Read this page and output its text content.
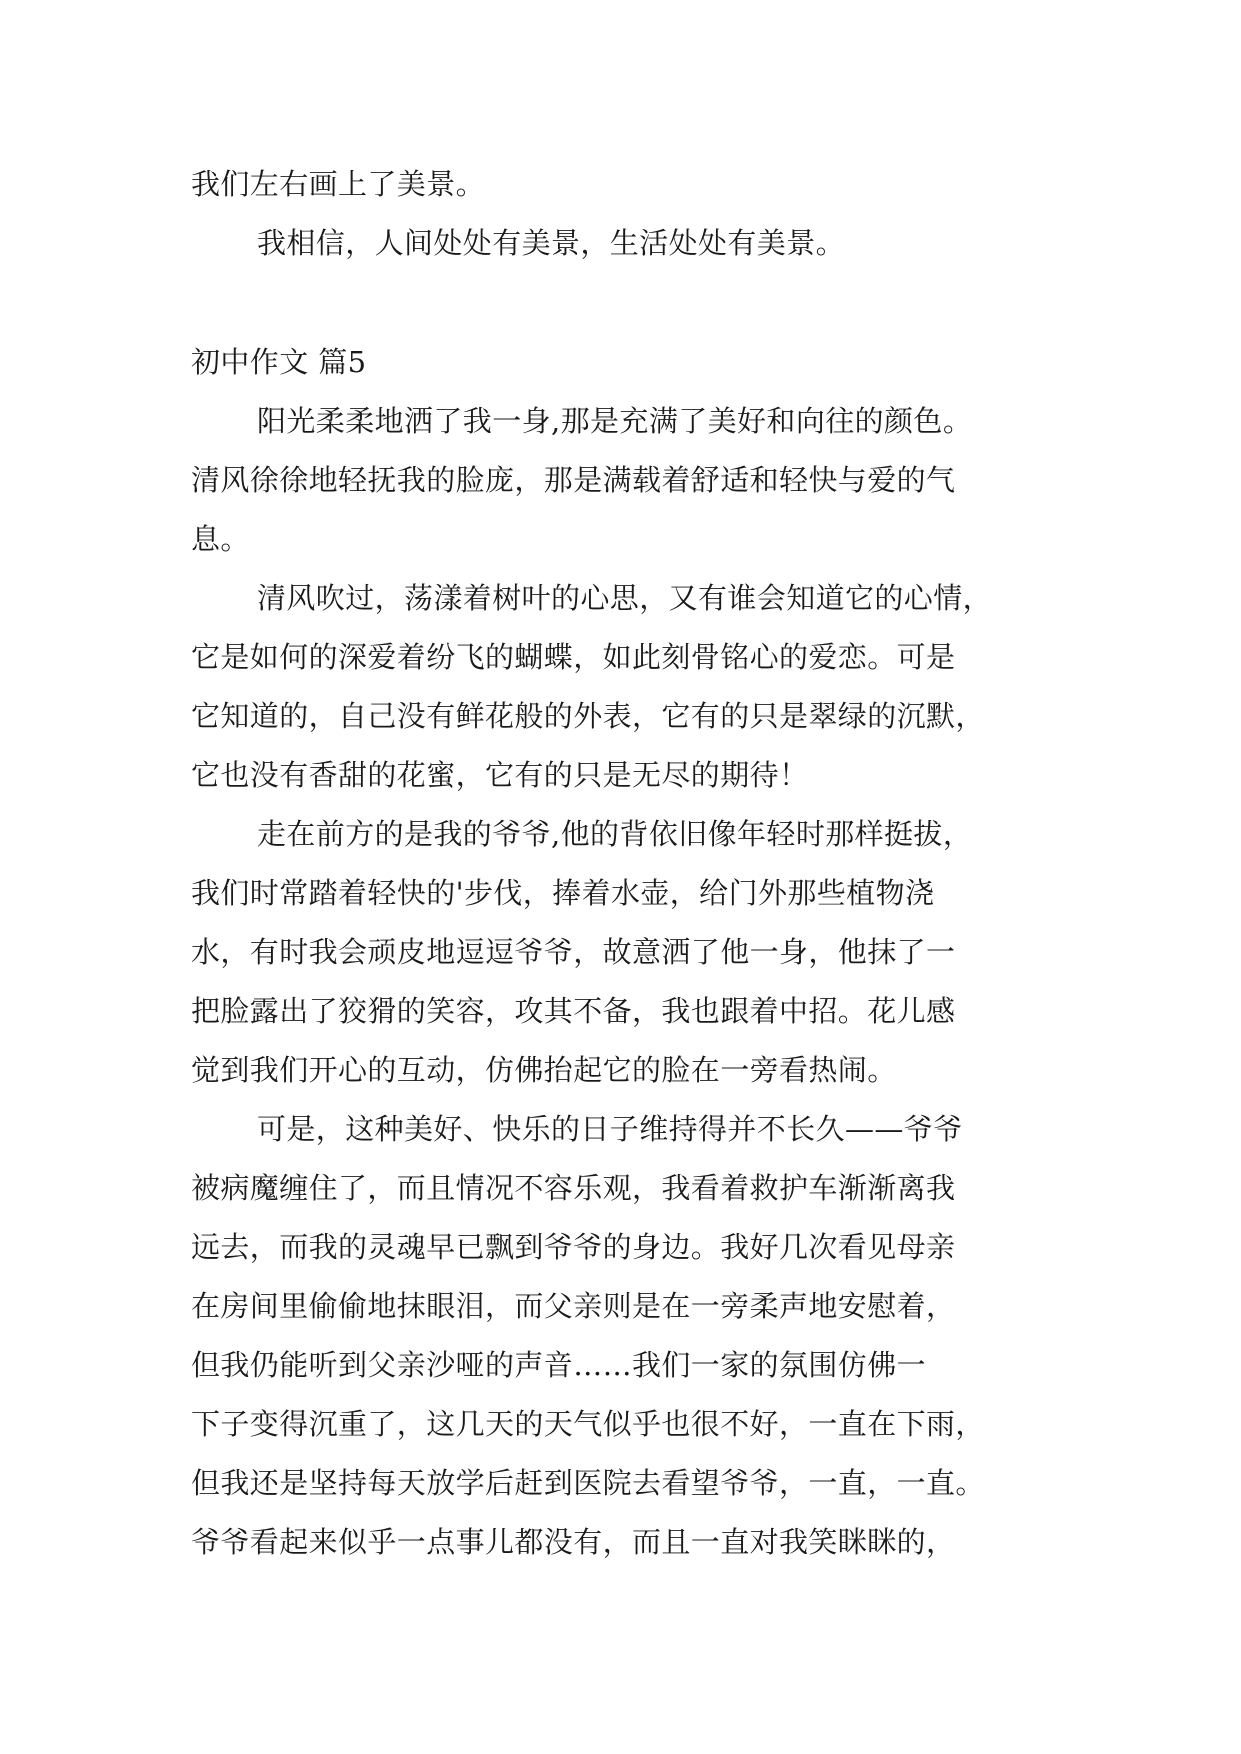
我们左右画上了美景。
我相信，人间处处有美景，生活处处有美景。
初中作文 篇5
阳光柔柔地洒了我一身,那是充满了美好和向往的颜色。
清风徐徐地轻抚我的脸庞，那是满载着舒适和轻快与爱的气
息。
清风吹过，荡漾着树叶的心思，又有谁会知道它的心情，
它是如何的深爱着纷飞的蝴蝶，如此刻骨铭心的爱恋。可是
它知道的，自己没有鲜花般的外表，它有的只是翠绿的沉默，
它也没有香甜的花蜜，它有的只是无尽的期待！
走在前方的是我的爷爷,他的背依旧像年轻时那样挺拔，
我们时常踏着轻快的'步伐，捧着水壶，给门外那些植物浇
水，有时我会顽皮地逗逗爷爷，故意洒了他一身，他抹了一
把脸露出了狡猾的笑容，攻其不备，我也跟着中招。花儿感
觉到我们开心的互动，仿佛抬起它的脸在一旁看热闹。
可是，这种美好、快乐的日子维持得并不长久——爷爷
被病魔缠住了，而且情况不容乐观，我看着救护车渐渐离我
远去，而我的灵魂早已飘到爷爷的身边。我好几次看见母亲
在房间里偷偷地抹眼泪，而父亲则是在一旁柔声地安慰着，
但我仍能听到父亲沙哑的声音……我们一家的氛围仿佛一
下子变得沉重了，这几天的天气似乎也很不好，一直在下雨，
但我还是坚持每天放学后赶到医院去看望爷爷，一直，一直。
爷爷看起来似乎一点事儿都没有，而且一直对我笑眯眯的，
